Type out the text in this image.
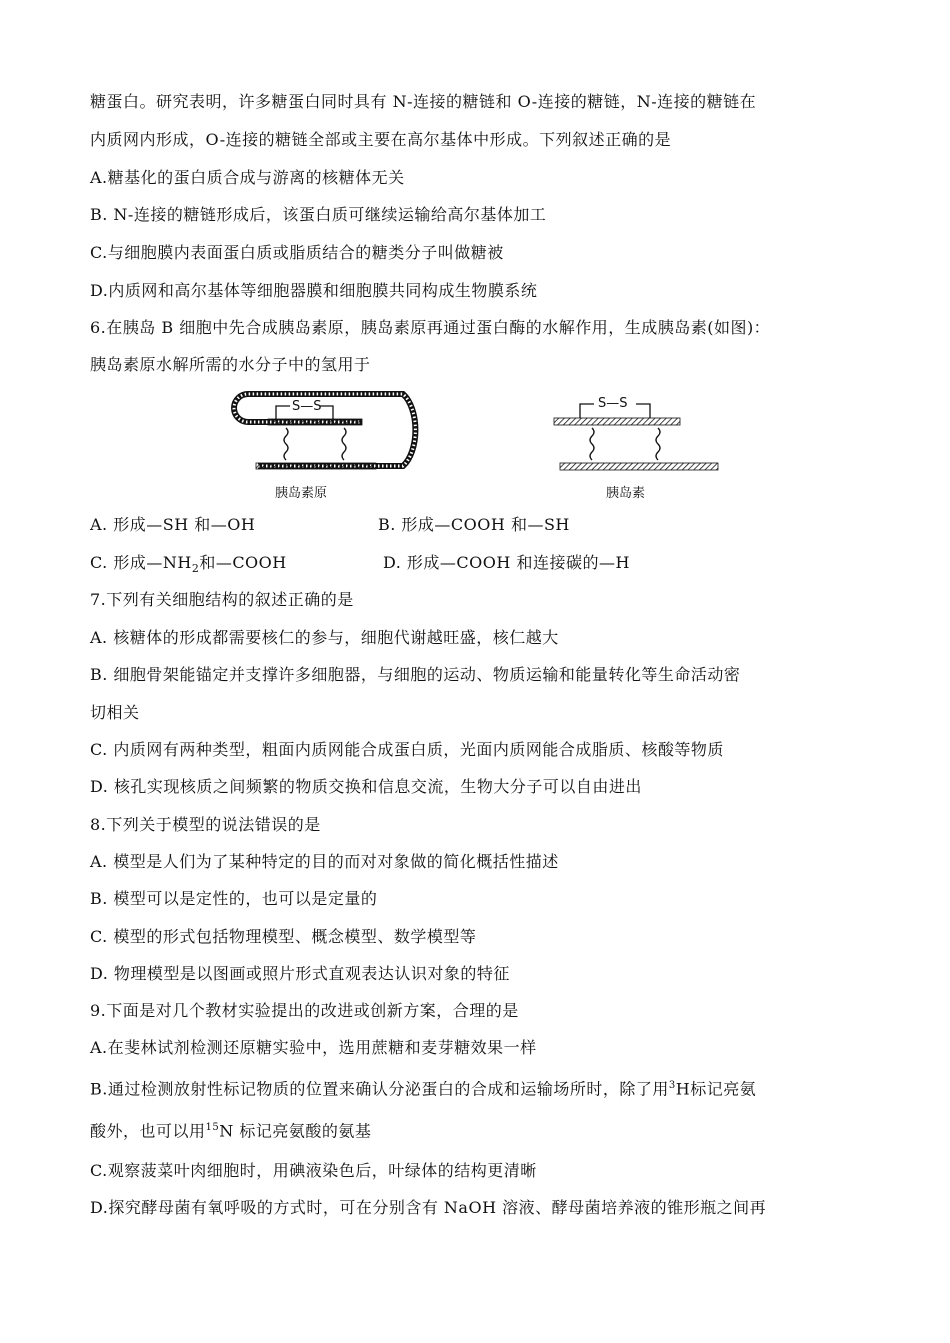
糖蛋白。研究表明，许多糖蛋白同时具有 N-连接的糖链和 O-连接的糖链，N-连接的糖链在
内质网内形成，O-连接的糖链全部或主要在高尔基体中形成。下列叙述正确的是
A.糖基化的蛋白质合成与游离的核糖体无关
B. N-连接的糖链形成后，该蛋白质可继续运输给高尔基体加工
C.与细胞膜内表面蛋白质或脂质结合的糖类分子叫做糖被
D.内质网和高尔基体等细胞器膜和细胞膜共同构成生物膜系统
6.在胰岛 B 细胞中先合成胰岛素原，胰岛素原再通过蛋白酶的水解作用，生成胰岛素(如图)：
胰岛素原水解所需的水分子中的氢用于
胰岛素原
S—S
胰岛素
S—S
A. 形成—SH 和—OH	B. 形成—COOH 和—SH
C. 形成$—NH_2$和—COOH	D. 形成—COOH 和连接碳的—H
7.下列有关细胞结构的叙述正确的是
A. 核糖体的形成都需要核仁的参与，细胞代谢越旺盛，核仁越大
B. 细胞骨架能锚定并支撑许多细胞器，与细胞的运动、物质运输和能量转化等生命活动密
切相关
C. 内质网有两种类型，粗面内质网能合成蛋白质，光面内质网能合成脂质、核酸等物质
D. 核孔实现核质之间频繁的物质交换和信息交流，生物大分子可以自由进出
8.下列关于模型的说法错误的是
A. 模型是人们为了某种特定的目的而对对象做的简化概括性描述
B. 模型可以是定性的，也可以是定量的
C. 模型的形式包括物理模型、概念模型、数学模型等
D. 物理模型是以图画或照片形式直观表达认识对象的特征
9.下面是对几个教材实验提出的改进或创新方案，合理的是
A.在斐林试剂检测还原糖实验中，选用蔗糖和麦芽糖效果一样
B.通过检测放射性标记物质的位置来确认分泌蛋白的合成和运输场所时，除了用$^3$H标记亮氨
酸外，也可以用$^{15}$N 标记亮氨酸的氨基
C.观察菠菜叶肉细胞时，用碘液染色后，叶绿体的结构更清晰
D.探究酵母菌有氧呼吸的方式时，可在分别含有 NaOH 溶液、酵母菌培养液的锥形瓶之间再
